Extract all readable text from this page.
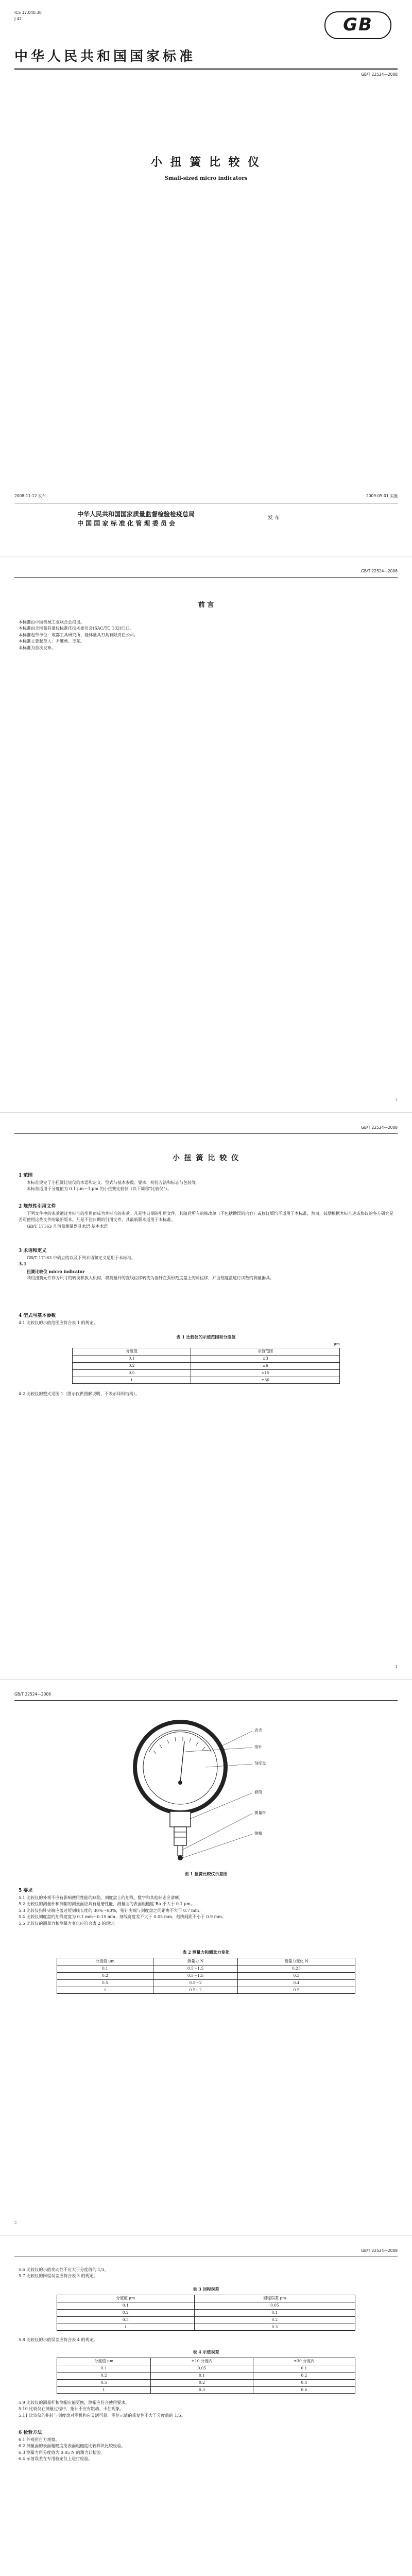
ICS 17.040.30
J 42	GB
中华人民共和国国家标准
GB/T 22524—2008
小 扭 簧 比 较 仪
Small-sized micro indicators
2008-11-12 发布	2009-05-01 实施
中华人民共和国国家质量监督检验检疫总局
中 国 国 家 标 准 化 管 理 委 员 会
发 布
GB/T 22524—2008
前 言
本标准由中国机械工业联合会提出。
本标准由全国量具量仪标准化技术委员会(SAC/TC 132)归口。
本标准起草单位：成都工具研究所、桂林量具刃具有限责任公司。
本标准主要起草人：尹维勇、王东。
本标准为首次发布。
I
GB/T 22524—2008
小 扭 簧 比 较 仪
1 范围
本标准规定了小扭簧比较仪的术语和定义、型式与基本参数、要求、检验方法和标志与包装等。
本标准适用于分度值为 0.1 μm～1 μm 的小扭簧比较仪（以下简称"比较仪"）。
2 规范性引用文件
下列文件中的条款通过本标准的引用而成为本标准的条款。凡是注日期的引用文件，其随后所有的修改单（不包括勘误的内容）或修订版均不适用于本标准，然而，鼓励根据本标准达成协议的各方研究是否可使用这些文件的最新版本。凡是不注日期的引用文件，其最新版本适用于本标准。
GB/T 17163 几何量测量器具术语 基本术语
3 术语和定义
GB/T 17163 中确立的以及下列术语和定义适用于本标准。
3.1
扭簧比较仪 micro indicator
利用扭簧元件作为尺寸的转换和放大机构，将测量杆的直线位移转变为指针在弧形刻度盘上的角位移，并由刻度盘进行读数的测量器具。
4 型式与基本参数
4.1 比较仪的示值范围应符合表 1 的规定。
表 1 比较仪的示值范围和分度值
μm
分度值	示值范围
0.1	±3
0.2	±6
0.5	±15
1	±30
4.2 比较仪的型式见图 1（图示仅供图解说明，不表示详细结构）。
1
GB/T 22524—2008
表壳
指针
刻度盘
套筒
测量杆
测帽
图 1 扭簧比较仪示意图
5 要求
5.1 比较仪的外观不应有影响使用性能的缺陷。刻度盘上的刻线、数字和其他标志应清晰。
5.2 比较仪的测量杆和测帽的测量面应具有耐磨性能，测量面的表面粗糙度 Ra 不大于 0.1 μm。
5.3 比较仪指针尖端应盖过短刻线长度的 30%～80%，指针尖端与刻度盘之间距离不大于 0.7 mm。
5.4 比较仪刻度盘的刻线宽度为 0.1 mm～0.15 mm，刻线宽度差不大于 0.05 mm，刻线间距不小于 0.9 mm。
5.5 比较仪的测量力和测量力变化应符合表 2 的规定。
表 2 测量力和测量力变化
分度值 μm	测量力 N	测量力变化 N
0.1	0.5～1.5	0.25
0.2	0.5～1.5	0.3
0.5	0.5～2	0.4
1	0.5～2	0.5
2
GB/T 22524—2008
5.6 比较仪的示值变动性不应大于分度值的 1/3。
5.7 比较仪的回程误差应符合表 3 的规定。
表 3 回程误差
分度值 μm	回程误差 μm
0.1	0.05
0.2	0.1
0.5	0.2
1	0.3
5.8 比较仪的示值误差应符合表 4 的规定。
表 4 示值误差
分度值 μm	±10 分度内	±30 分度内
0.1	0.05	0.1
0.2	0.1	0.2
0.5	0.2	0.4
1	0.3	0.6
5.9 比较仪的测量杆和测帽应能更换，测帽应符合使用要求。
5.10 比较仪在测量过程中，指针不应有跳动、卡住现象。
5.11 比较仪的指针与刻度盘对零机构应灵活可靠，零位示值的重复性不大于分度值的 1/5。
6 检验方法
6.1 外观用目力观察。
6.2 测量面的表面粗糙度用表面粗糙度比较样块比较检验。
6.3 测量力用分度值为 0.05 N 的测力计检验。
6.4 示值误差在专用检定仪上进行检验。
